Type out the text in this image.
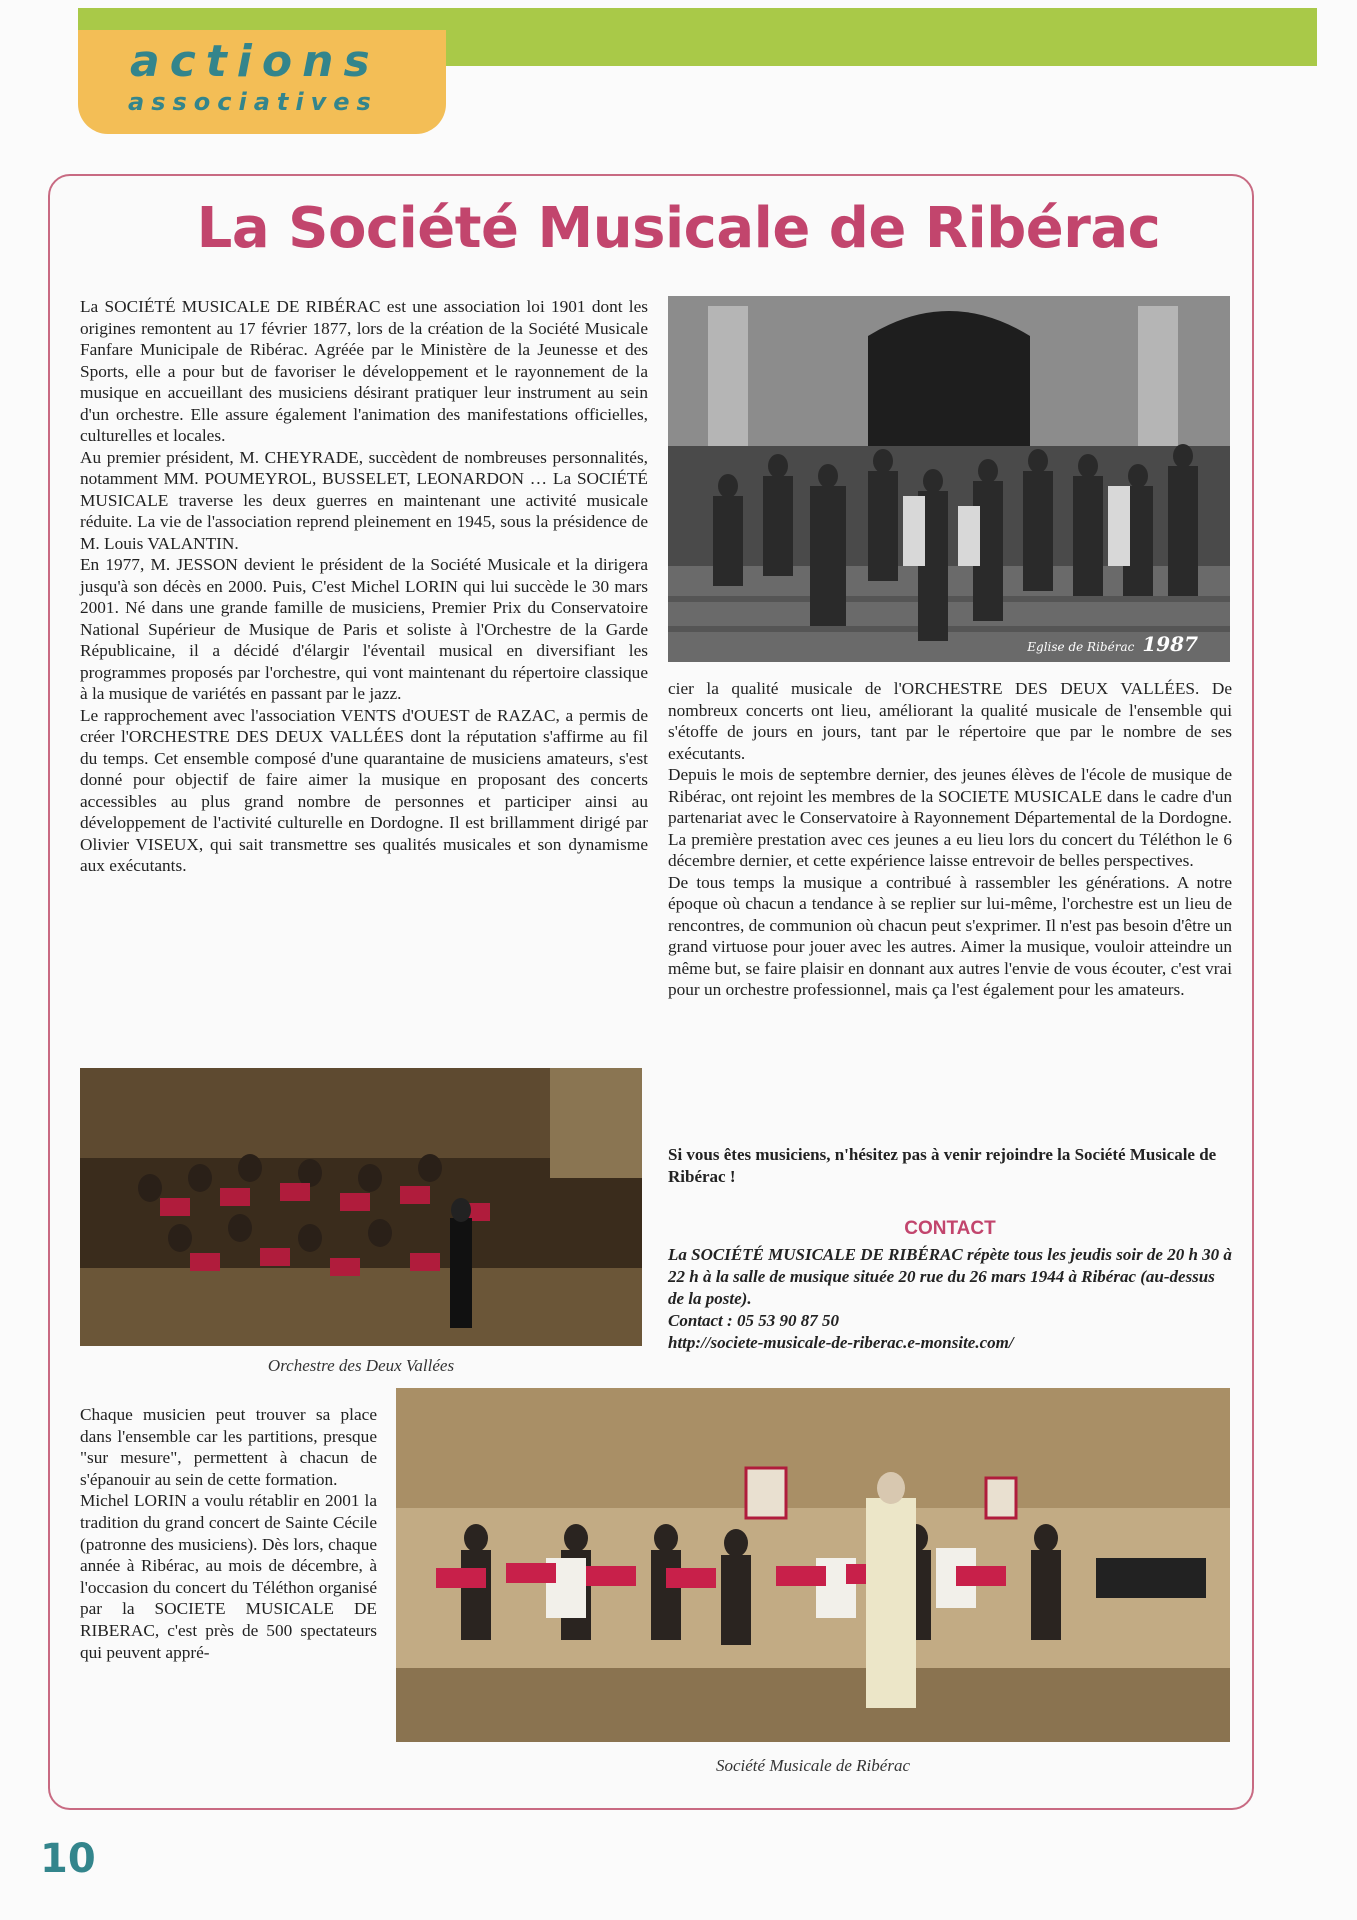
actions
associatives
La Société Musicale de Ribérac

La SOCIÉTÉ MUSICALE DE RIBÉRAC est une association loi 1901 dont les origines remontent au 17 février 1877, lors de la création de la Société Musicale Fanfare Municipale de Ribérac. Agréée par le Ministère de la Jeunesse et des Sports, elle a pour but de favoriser le développement et le rayonnement de la musique en accueillant des musiciens désirant pratiquer leur instrument au sein d'un orchestre. Elle assure également l'animation des manifestations officielles, culturelles et locales.

Au premier président, M. CHEYRADE, succèdent de nombreuses personnalités, notamment MM. POUMEYROL, BUSSELET, LEONARDON … La SOCIÉTÉ MUSICALE traverse les deux guerres en maintenant une activité musicale réduite. La vie de l'association reprend pleinement en 1945, sous la présidence de M. Louis VALANTIN.

En 1977, M. JESSON devient le président de la Société Musicale et la dirigera jusqu'à son décès en 2000. Puis, C'est Michel LORIN qui lui succède le 30 mars 2001. Né dans une grande famille de musiciens, Premier Prix du Conservatoire National Supérieur de Musique de Paris et soliste à l'Orchestre de la Garde Républicaine, il a décidé d'élargir l'éventail musical en diversifiant les programmes proposés par l'orchestre, qui vont maintenant du répertoire classique à la musique de variétés en passant par le jazz.

Le rapprochement avec l'association VENTS d'OUEST de RAZAC, a permis de créer l'ORCHESTRE DES DEUX VALLÉES dont la réputation s'affirme au fil du temps. Cet ensemble composé d'une quarantaine de musiciens amateurs, s'est donné pour objectif de faire aimer la musique en proposant des concerts accessibles au plus grand nombre de personnes et participer ainsi au développement de l'activité culturelle en Dordogne. Il est brillamment dirigé par Olivier VISEUX, qui sait transmettre ses qualités musicales et son dynamisme aux exécutants.

Eglise de Ribérac 1987

cier la qualité musicale de l'ORCHESTRE DES DEUX VALLÉES. De nombreux concerts ont lieu, améliorant la qualité musicale de l'ensemble qui s'étoffe de jours en jours, tant par le répertoire que par le nombre de ses exécutants.

Depuis le mois de septembre dernier, des jeunes élèves de l'école de musique de Ribérac, ont rejoint les membres de la SOCIETE MUSICALE dans le cadre d'un partenariat avec le Conservatoire à Rayonnement Départemental de la Dordogne. La première prestation avec ces jeunes a eu lieu lors du concert du Téléthon le 6 décembre dernier, et cette expérience laisse entrevoir de belles perspectives.

De tous temps la musique a contribué à rassembler les générations. A notre époque où chacun a tendance à se replier sur lui-même, l'orchestre est un lieu de rencontres, de communion où chacun peut s'exprimer. Il n'est pas besoin d'être un grand virtuose pour jouer avec les autres. Aimer la musique, vouloir atteindre un même but, se faire plaisir en donnant aux autres l'envie de vous écouter, c'est vrai pour un orchestre professionnel, mais ça l'est également pour les amateurs.

Si vous êtes musiciens, n'hésitez pas à venir rejoindre la Société Musicale de Ribérac !
CONTACT

La SOCIÉTÉ MUSICALE DE RIBÉRAC répète tous les jeudis soir de 20 h 30 à 22 h à la salle de musique située 20 rue du 26 mars 1944 à Ribérac (au-dessus de la poste).

Contact : 05 53 90 87 50

http://societe-musicale-de-riberac.e-monsite.com/

Orchestre des Deux Vallées

Chaque musicien peut trouver sa place dans l'ensemble car les partitions, presque "sur mesure", permettent à chacun de s'épanouir au sein de cette formation.

Michel LORIN a voulu rétablir en 2001 la tradition du grand concert de Sainte Cécile (patronne des musiciens). Dès lors, chaque année à Ribérac, au mois de décembre, à l'occasion du concert du Téléthon organisé par la SOCIETE MUSICALE DE RIBERAC, c'est près de 500 spectateurs qui peuvent appré-

Société Musicale de Ribérac
10
